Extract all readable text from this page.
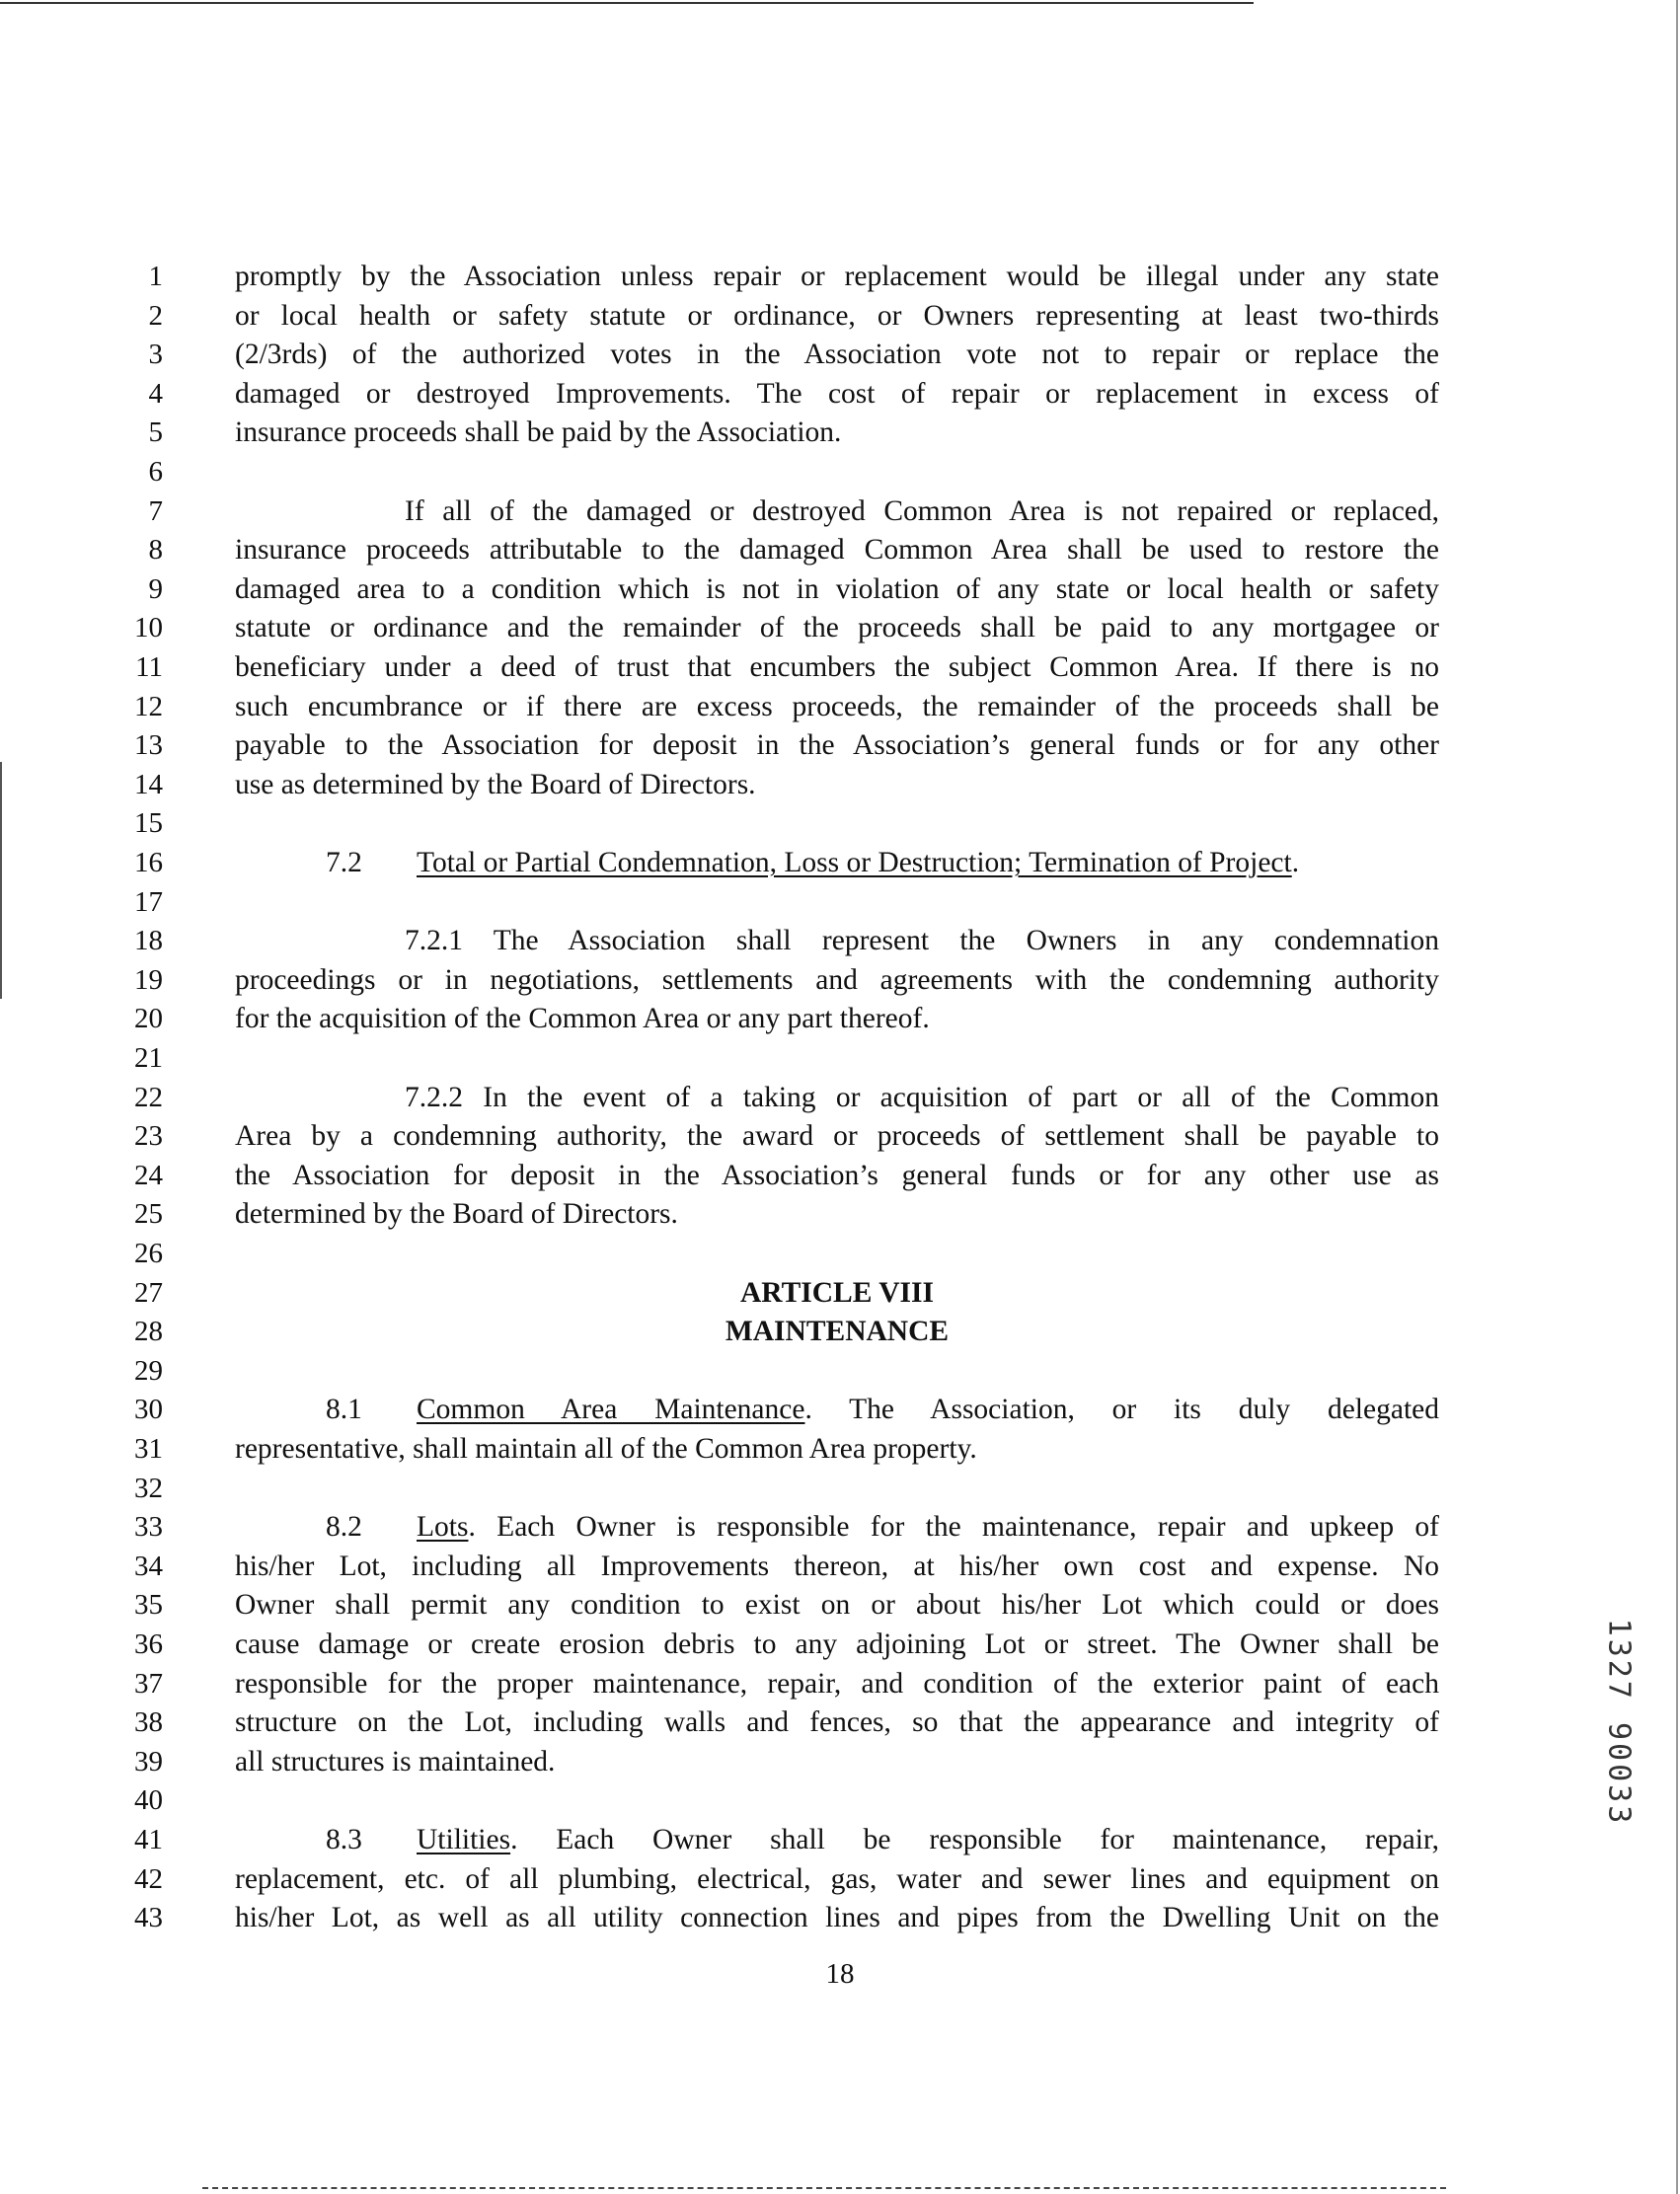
1 promptly by the Association unless repair or replacement would be illegal under any state
2 or local health or safety statute or ordinance, or Owners representing at least two-thirds
3 (2/3rds) of the authorized votes in the Association vote not to repair or replace the
4 damaged or destroyed Improvements. The cost of repair or replacement in excess of
5 insurance proceeds shall be paid by the Association.
6
7	If all of the damaged or destroyed Common Area is not repaired or replaced,
8 insurance proceeds attributable to the damaged Common Area shall be used to restore the
9 damaged area to a condition which is not in violation of any state or local health or safety
10 statute or ordinance and the remainder of the proceeds shall be paid to any mortgagee or
11 beneficiary under a deed of trust that encumbers the subject Common Area. If there is no
12 such encumbrance or if there are excess proceeds, the remainder of the proceeds shall be
13 payable to the Association for deposit in the Association’s general funds or for any other
14 use as determined by the Board of Directors.
15
16	7.2 Total or Partial Condemnation, Loss or Destruction; Termination of Project.
17
18	7.2.1 The Association shall represent the Owners in any condemnation
19 proceedings or in negotiations, settlements and agreements with the condemning authority
20 for the acquisition of the Common Area or any part thereof.
21
22	7.2.2 In the event of a taking or acquisition of part or all of the Common
23 Area by a condemning authority, the award or proceeds of settlement shall be payable to
24 the Association for deposit in the Association’s general funds or for any other use as
25 determined by the Board of Directors.
26
27	ARTICLE VIII
28	MAINTENANCE
29
30	8.1 Common Area Maintenance. The Association, or its duly delegated
31 representative, shall maintain all of the Common Area property.
32
33	8.2 Lots. Each Owner is responsible for the maintenance, repair and upkeep of
34 his/her Lot, including all Improvements thereon, at his/her own cost and expense. No
35 Owner shall permit any condition to exist on or about his/her Lot which could or does
36 cause damage or create erosion debris to any adjoining Lot or street. The Owner shall be
37 responsible for the proper maintenance, repair, and condition of the exterior paint of each
38 structure on the Lot, including walls and fences, so that the appearance and integrity of
39 all structures is maintained.
40
41	8.3 Utilities. Each Owner shall be responsible for maintenance, repair,
42 replacement, etc. of all plumbing, electrical, gas, water and sewer lines and equipment on
43 his/her Lot, as well as all utility connection lines and pipes from the Dwelling Unit on the
18
1327 90033
